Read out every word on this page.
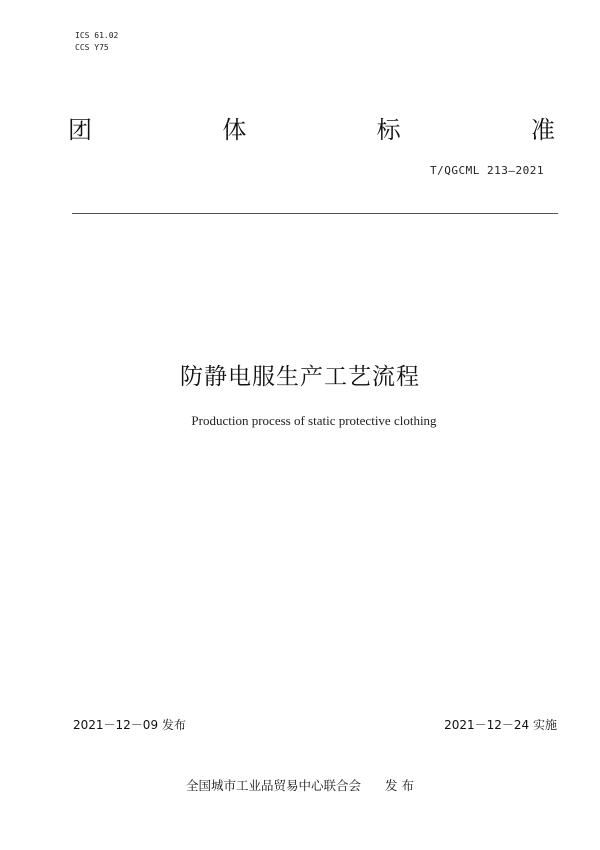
ICS 61.02
CCS Y75
团	体	标	准
T/QGCML 213—2021
防静电服生产工艺流程
Production process of static protective clothing
2021－12－09 发布	2021－12－24 实施
全国城市工业品贸易中心联合会 发 布
